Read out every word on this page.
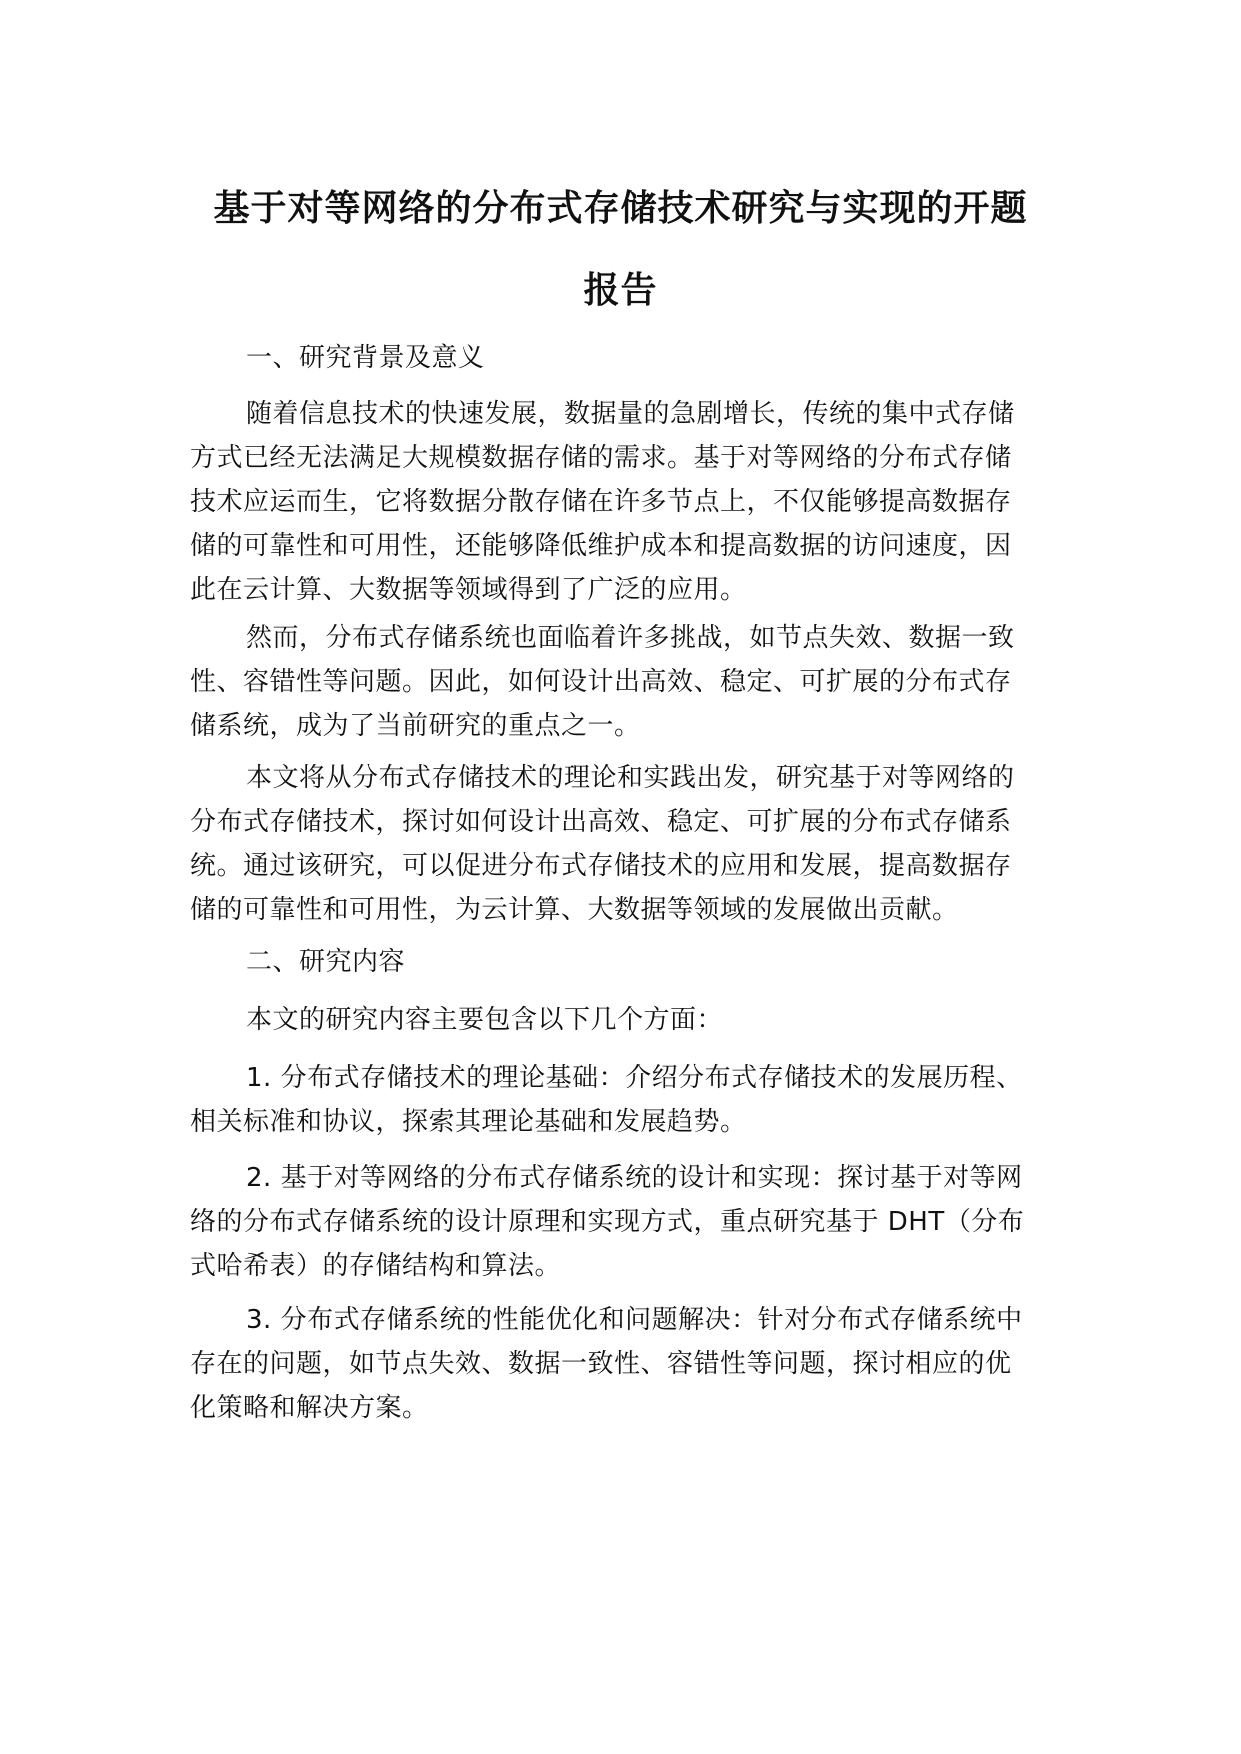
基于对等网络的分布式存储技术研究与实现的开题
报告

一、研究背景及意义

随着信息技术的快速发展，数据量的急剧增长，传统的集中式存储方式已经无法满足大规模数据存储的需求。基于对等网络的分布式存储技术应运而生，它将数据分散存储在许多节点上，不仅能够提高数据存储的可靠性和可用性，还能够降低维护成本和提高数据的访问速度，因此在云计算、大数据等领域得到了广泛的应用。

然而，分布式存储系统也面临着许多挑战，如节点失效、数据一致性、容错性等问题。因此，如何设计出高效、稳定、可扩展的分布式存储系统，成为了当前研究的重点之一。

本文将从分布式存储技术的理论和实践出发，研究基于对等网络的分布式存储技术，探讨如何设计出高效、稳定、可扩展的分布式存储系统。通过该研究，可以促进分布式存储技术的应用和发展，提高数据存储的可靠性和可用性，为云计算、大数据等领域的发展做出贡献。

二、研究内容

本文的研究内容主要包含以下几个方面：

1. 分布式存储技术的理论基础：介绍分布式存储技术的发展历程、相关标准和协议，探索其理论基础和发展趋势。

2. 基于对等网络的分布式存储系统的设计和实现：探讨基于对等网络的分布式存储系统的设计原理和实现方式，重点研究基于 DHT（分布式哈希表）的存储结构和算法。

3. 分布式存储系统的性能优化和问题解决：针对分布式存储系统中存在的问题，如节点失效、数据一致性、容错性等问题，探讨相应的优化策略和解决方案。
